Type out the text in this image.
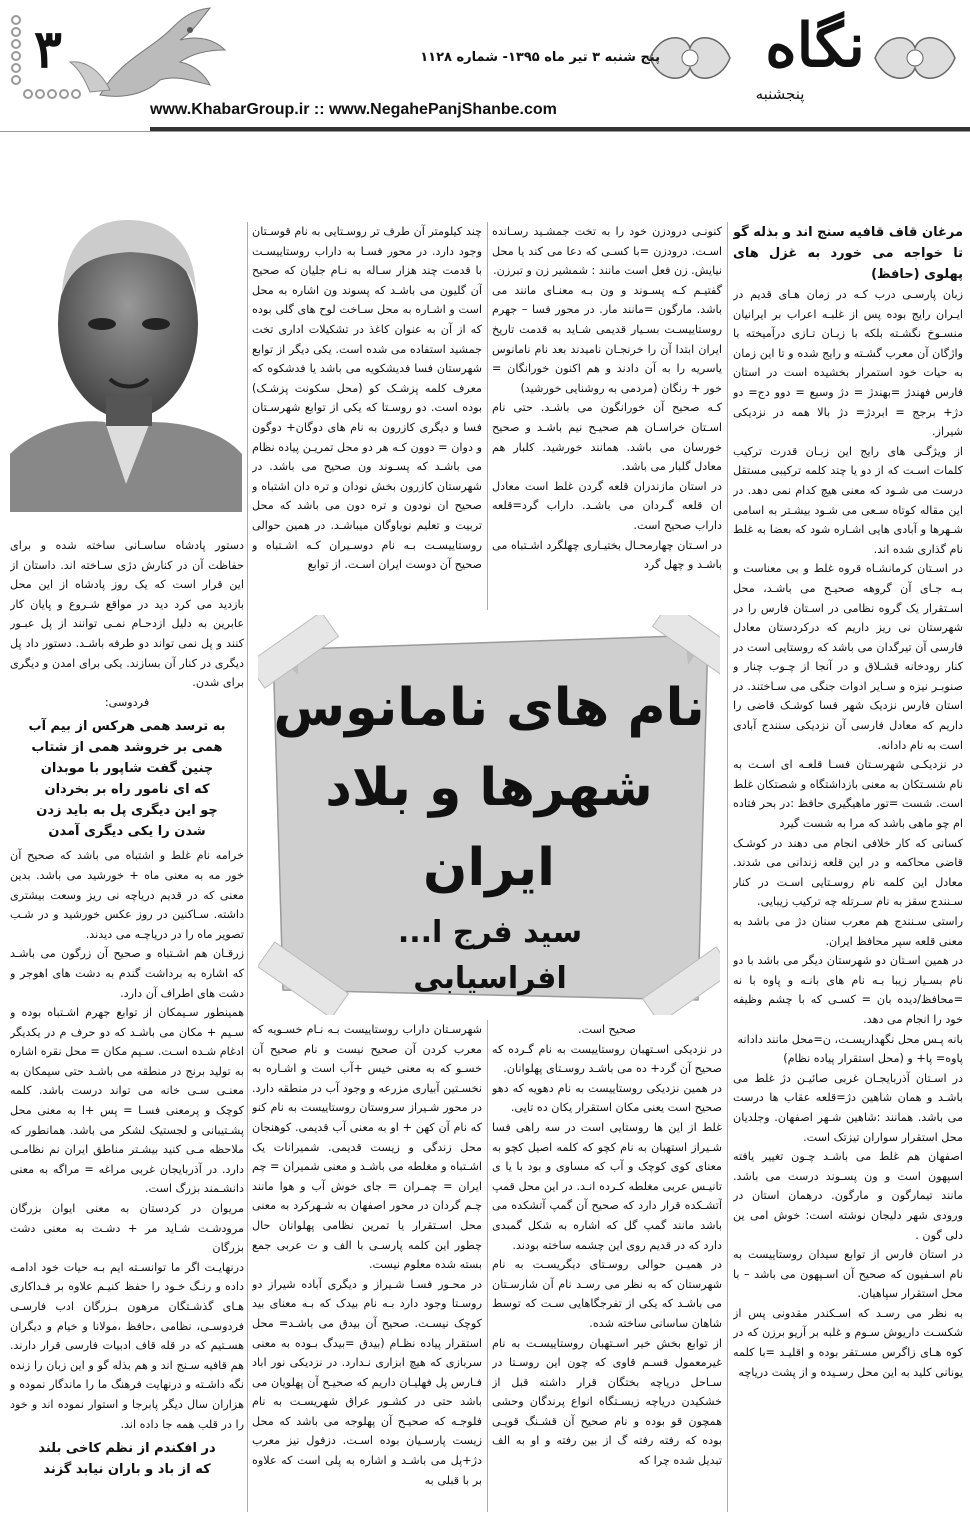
۳	نگاه
پنجشنبه
پنج شنبه ۳ تیر ماه ۱۳۹۵- شماره ۱۱۲۸
www.KhabarGroup.ir :: www.NegahePanjShanbe.com

مرغان قاف قافیه سنج اند و بذله گو تا خواجه می خورد به غزل های پهلوی (حافظ)

زبان پارسـی درب کـه در زمان هـای قدیم در ایـران رایج بوده پس از غلبـه اعراب بر ایرانیان منسـوخ نگشـته بلکه با زبـان تـازی درآمیخته با واژگان آن معرب گشـته و رایج شده و تا این زمان به حیات خود استمرار بخشیده است در استان فارس فهندژ =بهندژ = دژ وسیع = دوو دج= دو دژ+ برجج = ابردژ= دژ بالا همه در نزدیکی شیراز.

از ویژگـی های رایج این زبـان قدرت ترکیب کلمات اسـت که از دو یا چند کلمه ترکیبی مستقل درست می شـود که معنی هیچ کدام نمی دهد. در این مقاله کوتاه سـعی می شـود بیشـتر به اسامی شـهرها و آبادی هایی اشـاره شود که بعضا به غلط نام گذاری شده اند.

در اسـتان کرمانشـاه قروه غلط و بی معناست و بـه جـای آن گروهه صحیـح می باشـد، محل اسـتقرار یک گروه نظامی در اسـتان فارس را در شهرستان نی ریز داریم که درکردستان معادل فارسی آن تیرگدان می باشد که روستایی است در کنار رودخانه قشـلاق و در آنجا از چـوب چنار و صنوبـر نیزه و سـایر ادوات جنگی می سـاختند. در استان فارس نزدیک شهر فسا کوشـک قاضی را داریم که معادل فارسی آن نزدیکی سنندج آبادی است به نام دادانه.

در نزدیکـی شهرسـتان فسـا قلعـه ای اسـت به نام شسـتکان به معنی بازداشتگاه و شصتکان غلط است. شست =تور ماهیگیری حافظ :در بحر فتاده ام چو ماهی باشد که مرا به شست گیرد

کسانی که کار خلافی انجام می دهند در کوشـک قاضی محاکمه و در این قلعه زندانی می شدند. معادل این کلمه نام روسـتایی اسـت در کنار سـنندج سقز به نام سـرتله چه ترکیب زیبایی.

راستی سـنندج هم معرب سنان دژ می باشد به معنی قلعه سپر محافظ ایران.

در همین اسـتان دو شهرستان دیگر می باشد با دو نام بسـیار زیبا بـه نام های بانـه و پاوه با نه =محافظ/دیده بان = کسـی که با چشم وظیفه خود را انجام می دهد.

بانه پـس محل نگهداریسـت، ن=محل مانند دادانه

پاوه= پا+ و (محل استقرار پیاده نظام)

در اسـتان آذربایجـان غربی صائیـن دژ غلط می باشـد و همان شاهین دژ=قلعه عقاب ها درست می باشد. همانند :شاهین شـهر اصفهان. وجلدیان محل استقرار سواران تیزتک است.

اصفهان هم غلط می باشـد چـون تغییر یافته اسپهون است و ون پسـوند درست می باشد. مانند تیمارگون و مارگون. درهمان استان در ورودی شهر دلیجان نوشته است: خوش امی ین دلی گون .

در استان فارس از توابع سیدان روستاییست به نام اسـفیون که صحیح آن اسـپهون می باشد – با محل استقرار سپاهیان.

به نظر می رسـد که اسـکندر مقدونی پس از شکسـت داریوش سـوم و غلبه بر آریو برزن که در کوه هـای زاگرس مسـتقر بوده و اقلیـد =با کلمه یونانی کلید به این محل رسـیده و از پشت دریاچه

کنونـی درودزن خود را به تخت جمشـید رسـانده اسـت. درودزن =با کسـی که دعا می کند یا محل نیایش. زن فعل است مانند : شمشیر زن و تبرزن.

گفتیـم کـه پسـوند و ون بـه معنـای مانند می باشد. مارگون =مانند مار. در محور فسا – جهرم روستاییسـت بسـیار قدیمی شـاید به قدمت تاریخ ایران ابتدا آن را خرنجـان نامیدند بعد نام نامانوس یاسریه را به آن دادند و هم اکنون خورانگان = خور + رنگان (مردمی به روشنایی خورشید)

کـه صحیح آن خورانگون می باشـد. حتی نام اسـتان خراسـان هم صحیـح نیم باشـد و صحیح خورسان می باشد. همانند خورشید. کلبار هم معادل گلبار می باشد.

در استان مازندران قلعه گردن غلط است معادل ان قلعه گـردان می باشـد. داراب گرد=قلعه داراب صحیح است.

در اسـتان چهارمحـال بختیـاری چهلگرد اشـتباه می باشـد و چهل گرد

چند کیلومتر آن طرف تر روسـتایی به نام قوسـتان وجود دارد. در محور فسـا به داراب روستاییسـت با قدمت چند هزار سـاله به نـام جلیان که صحیح آن گلیون می باشـد که پسوند ون اشاره به محل است و اشـاره به محل سـاخت لوح های گلی بوده که از آن به عنوان کاغذ در تشکیلات اداری تخت جمشید استفاده می شده است. یکی دیگر از توابع شهرستان فسا فدیشکویه می باشد یا فدشکوه که معرف کلمه پزشـک کو (محل سکونت پزشـک) بوده است. دو روسـتا که یکی از توابع شهرسـتان فسا و دیگری کازرون به نام های دوگان+ دوگون و دوان = دوون کـه هر دو محل تمریـن پیاده نظام می باشـد که پسـوند ون صحیح می باشد. در شهرستان کازرون بخش نودان و تره دان اشتباه و صحیح ان نودون و تره دون می باشد که محل تربیت و تعلیم نوباوگان میباشـد. در همین حوالی روستاییسـت بـه نام دوسـیران کـه اشـتباه و صحیح آن دوست ایران اسـت. از توابع

نام های نامانوس
شهرها و بلاد
ایران
سید فرج ا... افراسیابی

صحیح است.

در نزدیکی اسـتهبان روستاییست به نام گـرده که صحیح آن گرد+ ده می باشـد روسـتای پهلوانان.

در همین نزدیکی روستاییست به نام دهویه که دهو صحیح است یعنی مکان استقرار یکان ده تایی.

غلط از این ها روستایی است در سه راهی فسا شـیراز استهبان به نام کچو که کلمه اصیل کچو به معنای کوی کوچک و آب که مساوی و بود با یا ی تانیـس عربی مغلطه کـرده انـد. در این محل قمپ آتشـکده قرار دارد که صحیح آن گمپ آتشکده می باشد مانند گمپ گل که اشاره به شکل گمبدی دارد که در قدیم روی این چشمه ساخته بودند.

در همیـن حوالی روسـتای دیگریسـت به نام شهرستان که به نظر می رسـد نام آن شارسـتان می باشـد که یکی از تفرجگاهایی سـت که توسط شاهان ساسانی ساخته شده.

از توابع بخش خیر اسـتهبان روستاییسـت به نام غیرمعمول قسـم قاوی که چون این روسـتا در سـاحل دریاچه بختگان قرار داشته قبل از خشکیدن دریاچه زیسـتگاه انواع پرندگان وحشی همچون قو بوده و نام صحیح آن قشـنگ قویـی بوده که رفته رفته گ از بین رفته و او به الف تبدیل شده چرا که

شهرسـتان داراب روستاییست بـه نـام خسـویه که معرب کردن آن صحیح نیست و نام صحیح آن خسـو که به معنی خیس +آب است و اشـاره به نخسـتین آبیاری مزرعه و وجود آب در منطقه دارد. در محور شـیراز سروستان روستاییست به نام کنو که نام آن کهن + او به معنی آب قدیمی. کوهنجان محل زندگی و زیست قدیمی. شمیرانات یک اشـتباه و مغلطه می باشـد و معنی شمیران = چم ایران = چمـران = جای خوش آب و هوا مانند چـم گردان در محور اصفهان به شـهرکرد به معنی محل اسـتقرار یا تمرین نظامی پهلوانان حال چطور این کلمه پارسـی با الف و ت عربی جمع بسته شده معلوم نیست.

در محـور فسـا شـیراز و دیگری آباده شیراز دو روسـتا وجود دارد بـه نام بیدک که بـه معنای بید کوچک نیسـت. صحیح آن بیدق می باشـد= محل استقرار پیاده نظـام (بیدق =بیدگ بـوده به معنی سربازی که هیچ ابزاری نـدارد. در نزدیکی نور اباد فـارس پل فهلیـان داریم که صحیـح آن پهلویان می باشد حتی در کشـور عراق شهریسـت به نام فلوجـه که صحیـح آن پهلوجه می باشد که محل زیست پارسـیان بوده اسـت. دزفول نیز معرب دژ+پل می باشـد و اشاره به پلی است که علاوه بر با قبلی به

دستور پادشاه ساسـانی ساخته شده و برای حفاظت آن در کنارش دژی سـاخته اند. داستان از این قرار است که یک روز پادشاه از این محل بازدید می کرد دید در مواقع شـروع و پایان کار عابرین به دلیل ازدحـام نمـی توانند از پل عبـور کنند و پل نمی تواند دو طرفه باشـد. دستور داد پل دیگری در کنار آن بسازند. یکی برای امدن و دیگری برای شدن.

فردوسی:

به ترسد همی هرکس از بیم آب
همی بر خروشد همی از شتاب
چنین گفت شاپور با موبدان
که ای نامور راه بر بخردان
چو این دیگری پل به باید زدن
شدن را یکی دیگری آمدن

خرامه نام غلط و اشتباه می باشد که صحیح آن خور مه به معنی ماه + خورشید می باشد. بدین معنی که در قدیم دریاچه نی ریز وسعت بیشتری داشته. سـاکنین در روز عکس خورشید و در شـب تصویر ماه را در دریاچـه می دیدند.

زرقـان هم اشـتباه و صحیح آن زرگون می باشـد که اشاره به برداشت گندم به دشت های اهوجر و دشت های اطراف آن دارد.

همینطور سـیمکان از توابع جهرم اشـتباه بوده و سـیم + مکان می باشـد که دو حرف م در یکدیگر ادغام شـده اسـت. سـیم مکان = محل نقره اشاره به تولید برنج در منطقه می باشـد حتی سیمکان به معنـی سـی خانه می تواند درست باشد. کلمه کوچک و پرمعنی فسـا = پس +ا به معنی محل پشـتیبانی و لجستیک لشکر می باشد. همانطور که ملاحظه مـی کنید بیشـتر مناطق ایران نم نظامـی دارد. در آذربایجان غربی مراغه = مراگه به معنی دانشـمند بزرگ است.

مریوان در کردستان به معنی ایوان بزرگان مرودشـت شـاید مر + دشـت به معنی دشت بزرگان

درنهایـت اگر ما توانسـته ایم بـه حیات خود ادامـه داده و رنـگ خـود را حفظ کنیـم علاوه بر فـداکاری هـای گذشـتگان مرهون بـزرگان ادب فارسـی فردوسـی، نظامی ،حافظ ،مولانا و خیام و دیگران هسـتیم که در قله قاف ادبیات فارسی قرار دارند. هم قافیه سـنج اند و هم بذله گو و این زبان را زنده نگه داشـته و درنهایت فرهنگ ما را ماندگار نموده و هزاران سال دیگر پابرجا و استوار نموده اند و خود را در قلب همه جا داده اند.

در افکندم از نظم کاخی بلند
که از باد و باران نیابد گزند
